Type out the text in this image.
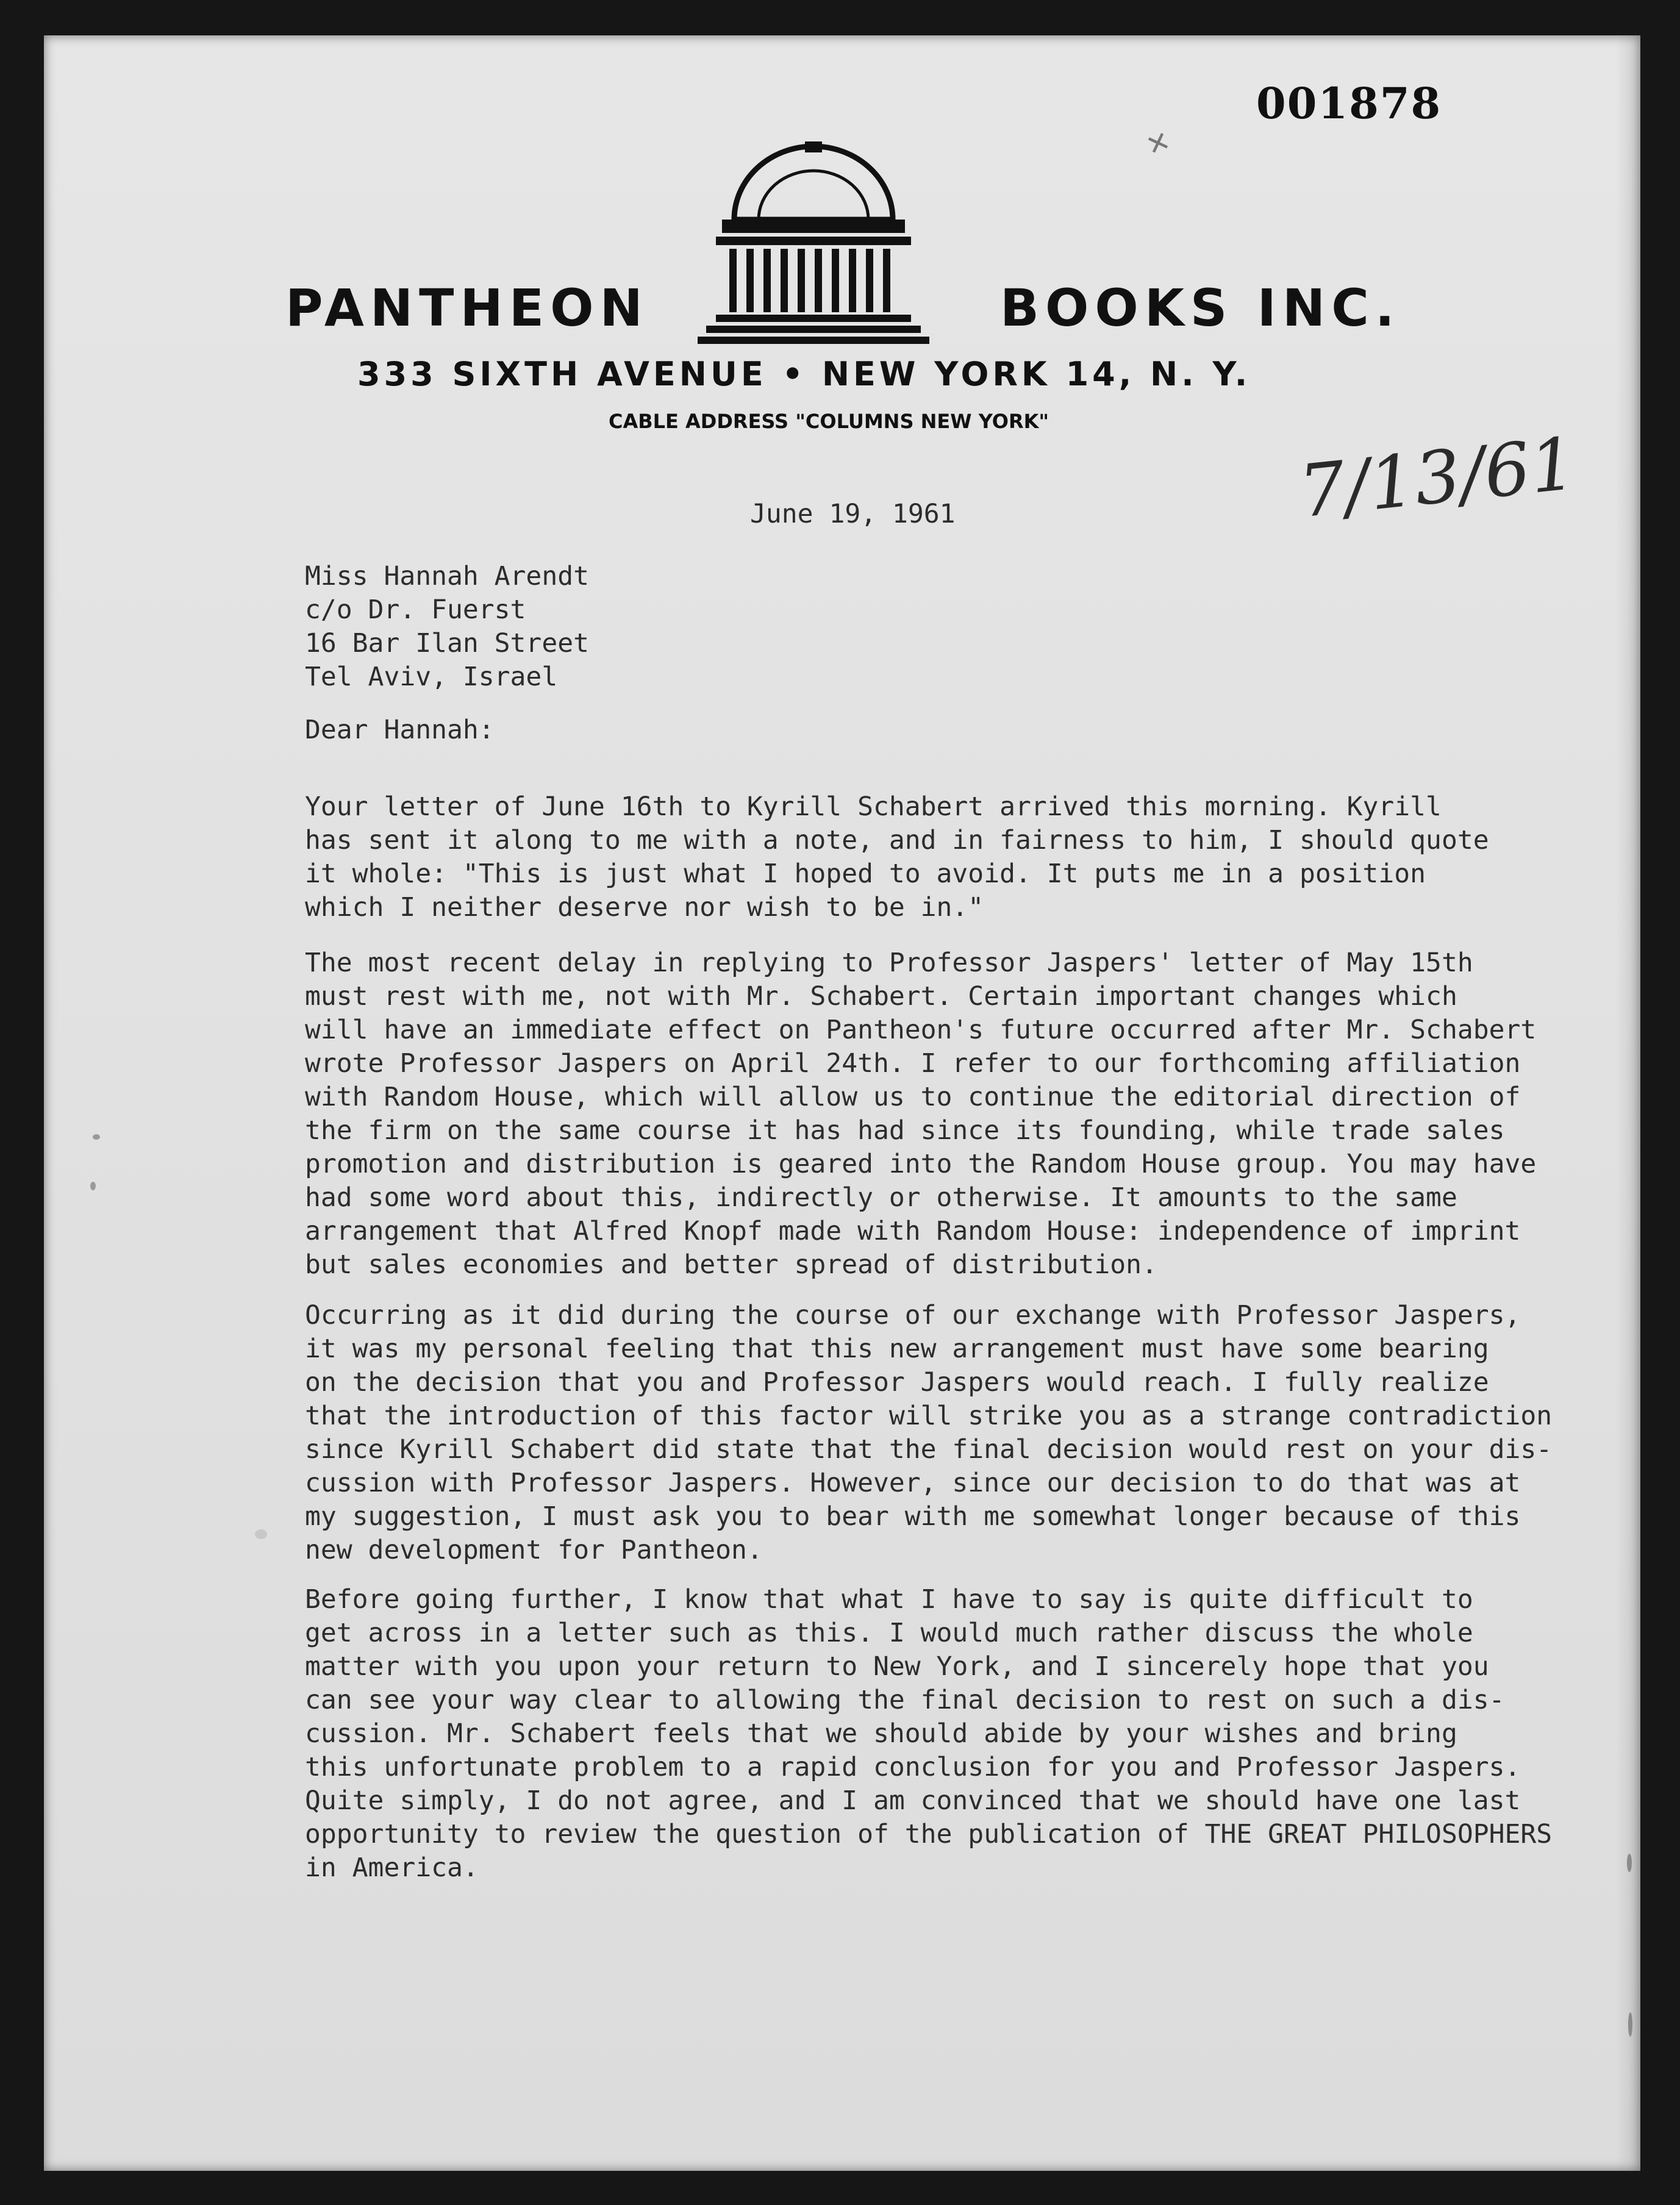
001878
✕
PANTHEON	BOOKS INC.
333 SIXTH AVENUE • NEW YORK 14, N. Y.
CABLE ADDRESS "COLUMNS NEW YORK"	7/13/61
June 19, 1961
Miss Hannah Arendt
c/o Dr. Fuerst
16 Bar Ilan Street
Tel Aviv, Israel
Dear Hannah:
Your letter of June 16th to Kyrill Schabert arrived this morning. Kyrill
has sent it along to me with a note, and in fairness to him, I should quote
it whole: "This is just what I hoped to avoid. It puts me in a position
which I neither deserve nor wish to be in."
The most recent delay in replying to Professor Jaspers' letter of May 15th
must rest with me, not with Mr. Schabert. Certain important changes which
will have an immediate effect on Pantheon's future occurred after Mr. Schabert
wrote Professor Jaspers on April 24th. I refer to our forthcoming affiliation
with Random House, which will allow us to continue the editorial direction of
the firm on the same course it has had since its founding, while trade sales
promotion and distribution is geared into the Random House group. You may have
had some word about this, indirectly or otherwise. It amounts to the same
arrangement that Alfred Knopf made with Random House: independence of imprint
but sales economies and better spread of distribution.
Occurring as it did during the course of our exchange with Professor Jaspers,
it was my personal feeling that this new arrangement must have some bearing
on the decision that you and Professor Jaspers would reach. I fully realize
that the introduction of this factor will strike you as a strange contradiction
since Kyrill Schabert did state that the final decision would rest on your dis-
cussion with Professor Jaspers. However, since our decision to do that was at
my suggestion, I must ask you to bear with me somewhat longer because of this
new development for Pantheon.
Before going further, I know that what I have to say is quite difficult to
get across in a letter such as this. I would much rather discuss the whole
matter with you upon your return to New York, and I sincerely hope that you
can see your way clear to allowing the final decision to rest on such a dis-
cussion. Mr. Schabert feels that we should abide by your wishes and bring
this unfortunate problem to a rapid conclusion for you and Professor Jaspers.
Quite simply, I do not agree, and I am convinced that we should have one last
opportunity to review the question of the publication of THE GREAT PHILOSOPHERS
in America.
